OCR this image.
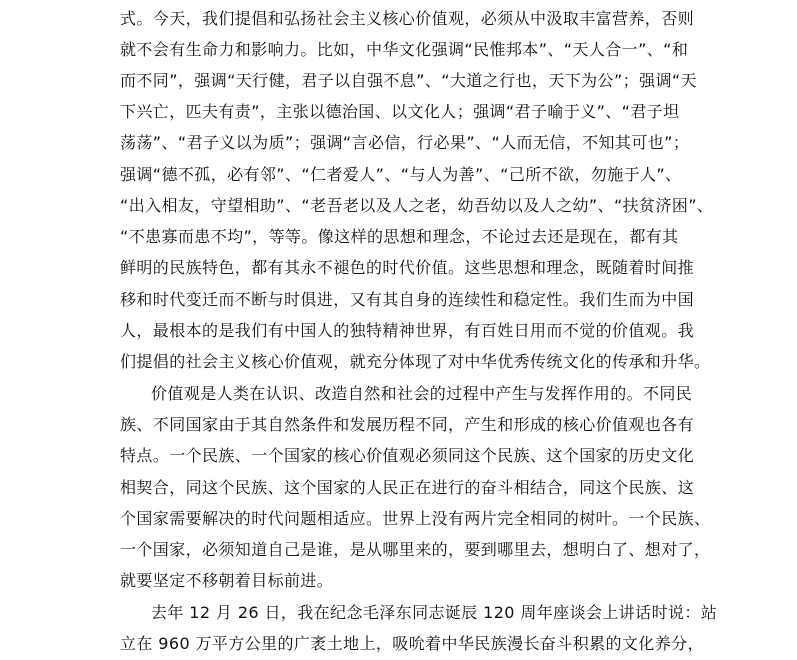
式。今天，我们提倡和弘扬社会主义核心价值观，必须从中汲取丰富营养，否则
就不会有生命力和影响力。比如，中华文化强调“民惟邦本”、“天人合一”、“和
而不同”，强调“天行健，君子以自强不息”、“大道之行也，天下为公”；强调“天
下兴亡，匹夫有责”，主张以德治国、以文化人；强调“君子喻于义”、“君子坦
荡荡”、“君子义以为质”；强调“言必信，行必果”、“人而无信，不知其可也”；
强调“德不孤，必有邻”、“仁者爱人”、“与人为善”、“己所不欲，勿施于人”、
“出入相友，守望相助”、“老吾老以及人之老，幼吾幼以及人之幼”、“扶贫济困”、
“不患寡而患不均”，等等。像这样的思想和理念，不论过去还是现在，都有其
鲜明的民族特色，都有其永不褪色的时代价值。这些思想和理念，既随着时间推
移和时代变迁而不断与时俱进，又有其自身的连续性和稳定性。我们生而为中国
人，最根本的是我们有中国人的独特精神世界，有百姓日用而不觉的价值观。我
们提倡的社会主义核心价值观，就充分体现了对中华优秀传统文化的传承和升华。
价值观是人类在认识、改造自然和社会的过程中产生与发挥作用的。不同民
族、不同国家由于其自然条件和发展历程不同，产生和形成的核心价值观也各有
特点。一个民族、一个国家的核心价值观必须同这个民族、这个国家的历史文化
相契合，同这个民族、这个国家的人民正在进行的奋斗相结合，同这个民族、这
个国家需要解决的时代问题相适应。世界上没有两片完全相同的树叶。一个民族、
一个国家，必须知道自己是谁，是从哪里来的，要到哪里去，想明白了、想对了，
就要坚定不移朝着目标前进。
去年 12 月 26 日，我在纪念毛泽东同志诞辰 120 周年座谈会上讲话时说：站
立在 960 万平方公里的广袤土地上，吸吮着中华民族漫长奋斗积累的文化养分，
